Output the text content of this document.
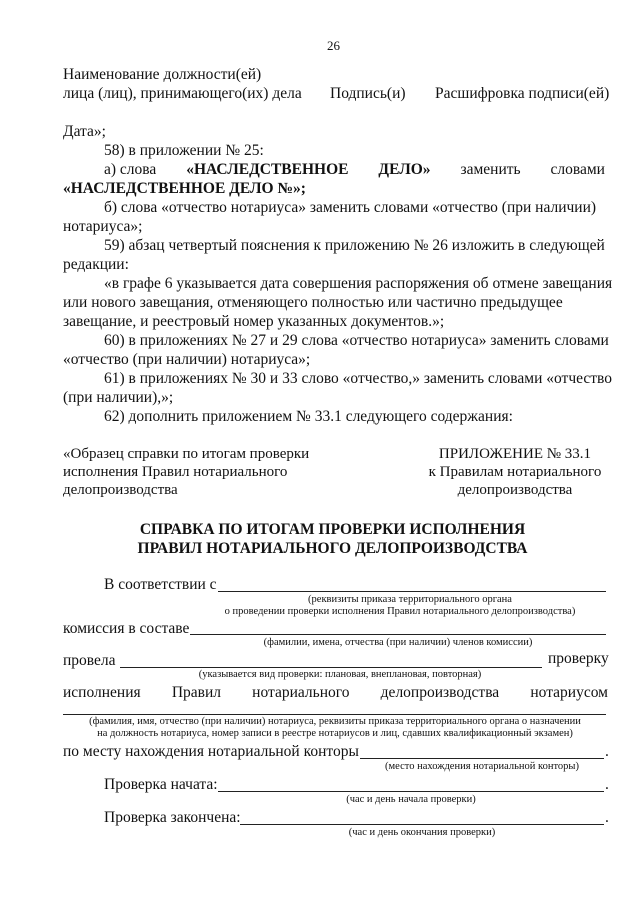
26
Наименование должности(ей)
лица (лиц), принимающего(их) дела Подпись(и) Расшифровка подписи(ей)
Дата»;
58) в приложении № 25:
а) слова «НАСЛЕДСТВЕННОЕ ДЕЛО» заменить словами
«НАСЛЕДСТВЕННОЕ ДЕЛО №»;
б) слова «отчество нотариуса» заменить словами «отчество (при наличии)
нотариуса»;
59) абзац четвертый пояснения к приложению № 26 изложить в следующей
редакции:
«в графе 6 указывается дата совершения распоряжения об отмене завещания
или нового завещания, отменяющего полностью или частично предыдущее
завещание, и реестровый номер указанных документов.»;
60) в приложениях № 27 и 29 слова «отчество нотариуса» заменить словами
«отчество (при наличии) нотариуса»;
61) в приложениях № 30 и 33 слово «отчество,» заменить словами «отчество
(при наличии),»;
62) дополнить приложением № 33.1 следующего содержания:
«Образец справки по итогам проверки
исполнения Правил нотариального
делопроизводства
ПРИЛОЖЕНИЕ № 33.1
к Правилам нотариального
делопроизводства
СПРАВКА ПО ИТОГАМ ПРОВЕРКИ ИСПОЛНЕНИЯ
ПРАВИЛ НОТАРИАЛЬНОГО ДЕЛОПРОИЗВОДСТВА
В соответствии с
(реквизиты приказа территориального органа
о проведении проверки исполнения Правил нотариального делопроизводства)
комиссия в составе
(фамилии, имена, отчества (при наличии) членов комиссии)
провела	проверку
(указывается вид проверки: плановая, внеплановая, повторная)
исполнения Правил нотариального делопроизводства нотариусом
(фамилия, имя, отчество (при наличии) нотариуса, реквизиты приказа территориального органа о назначении
на должность нотариуса, номер записи в реестре нотариусов и лиц, сдавших квалификационный экзамен)
по месту нахождения нотариальной конторы	.
(место нахождения нотариальной конторы)
Проверка начата:	.
(час и день начала проверки)
Проверка закончена:	.
(час и день окончания проверки)
